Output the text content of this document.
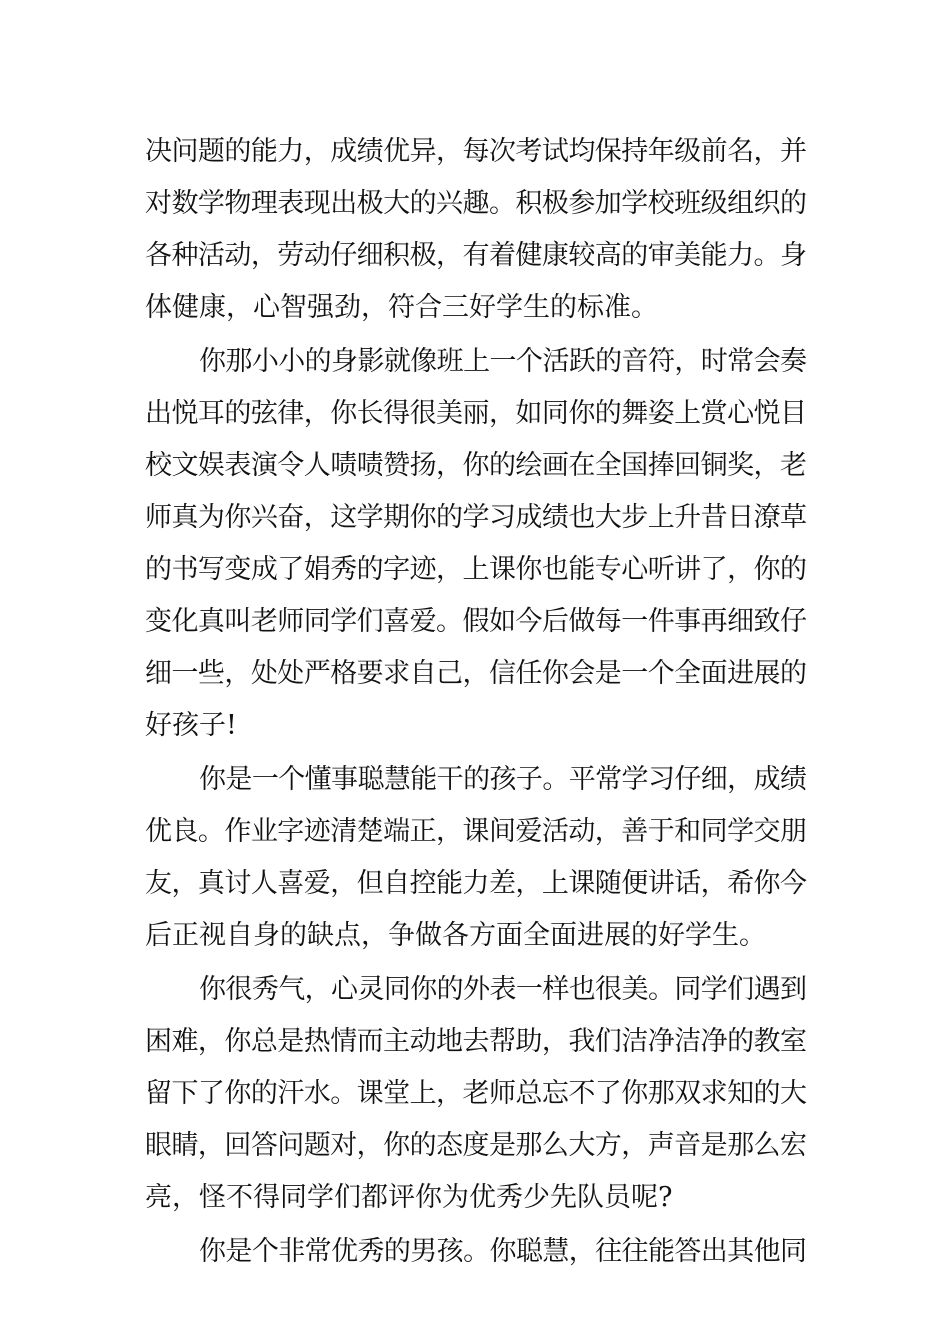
决问题的能力，成绩优异，每次考试均保持年级前名，并
对数学物理表现出极大的兴趣。积极参加学校班级组织的
各种活动，劳动仔细积极，有着健康较高的审美能力。身
体健康，心智强劲，符合三好学生的标准。
你那小小的身影就像班上一个活跃的音符，时常会奏
出悦耳的弦律，你长得很美丽，如同你的舞姿上赏心悦目
校文娱表演令人啧啧赞扬，你的绘画在全国捧回铜奖，老
师真为你兴奋，这学期你的学习成绩也大步上升昔日潦草
的书写变成了娟秀的字迹，上课你也能专心听讲了，你的
变化真叫老师同学们喜爱。假如今后做每一件事再细致仔
细一些，处处严格要求自己，信任你会是一个全面进展的
好孩子!
你是一个懂事聪慧能干的孩子。平常学习仔细，成绩
优良。作业字迹清楚端正，课间爱活动，善于和同学交朋
友，真讨人喜爱，但自控能力差，上课随便讲话，希你今
后正视自身的缺点，争做各方面全面进展的好学生。
你很秀气，心灵同你的外表一样也很美。同学们遇到
困难，你总是热情而主动地去帮助，我们洁净洁净的教室
留下了你的汗水。课堂上，老师总忘不了你那双求知的大
眼睛，回答问题对，你的态度是那么大方，声音是那么宏
亮，怪不得同学们都评你为优秀少先队员呢?
你是个非常优秀的男孩。你聪慧，往往能答出其他同
